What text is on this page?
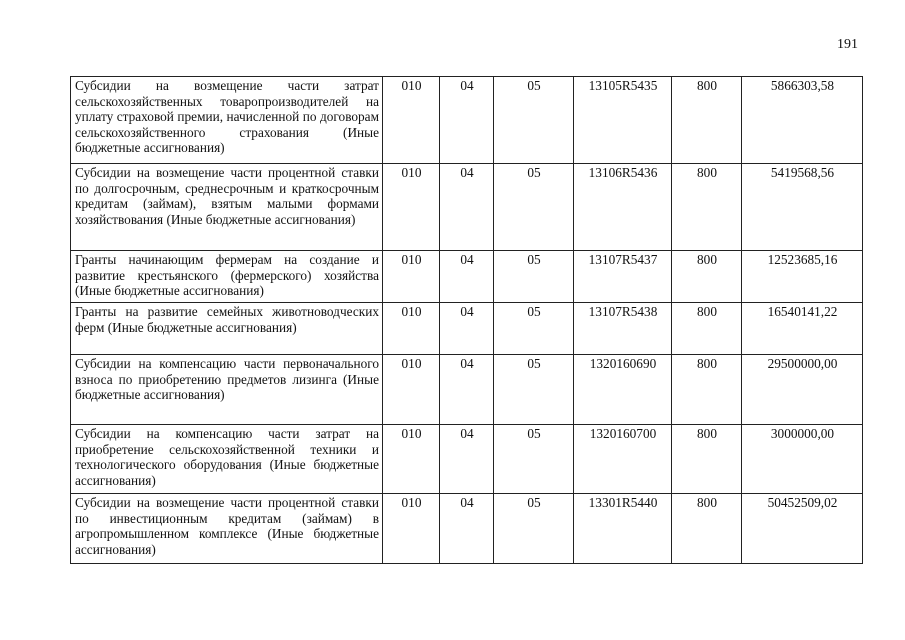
191
Субсидии на возмещение части затрат сельскохозяйственных товаропроизводителей на уплату страховой премии, начисленной по договорам сельскохозяйственного страхования (Иные бюджетные ассигнования)	010	04	05	13105R5435	800	5866303,58
Субсидии на возмещение части процентной ставки по долгосрочным, среднесрочным и краткосрочным кредитам (займам), взятым малыми формами хозяйствования (Иные бюджетные ассигнования)	010	04	05	13106R5436	800	5419568,56
Гранты начинающим фермерам на создание и развитие крестьянского (фермерского) хозяйства (Иные бюджетные ассигнования)	010	04	05	13107R5437	800	12523685,16
Гранты на развитие семейных животноводческих ферм (Иные бюджетные ассигнования)	010	04	05	13107R5438	800	16540141,22
Субсидии на компенсацию части первоначального взноса по приобретению предметов лизинга (Иные бюджетные ассигнования)	010	04	05	1320160690	800	29500000,00
Субсидии на компенсацию части затрат на приобретение сельскохозяйственной техники и технологического оборудования (Иные бюджетные ассигнования)	010	04	05	1320160700	800	3000000,00
Субсидии на возмещение части процентной ставки по инвестиционным кредитам (займам) в агропромышленном комплексе (Иные бюджетные ассигнования)	010	04	05	13301R5440	800	50452509,02
